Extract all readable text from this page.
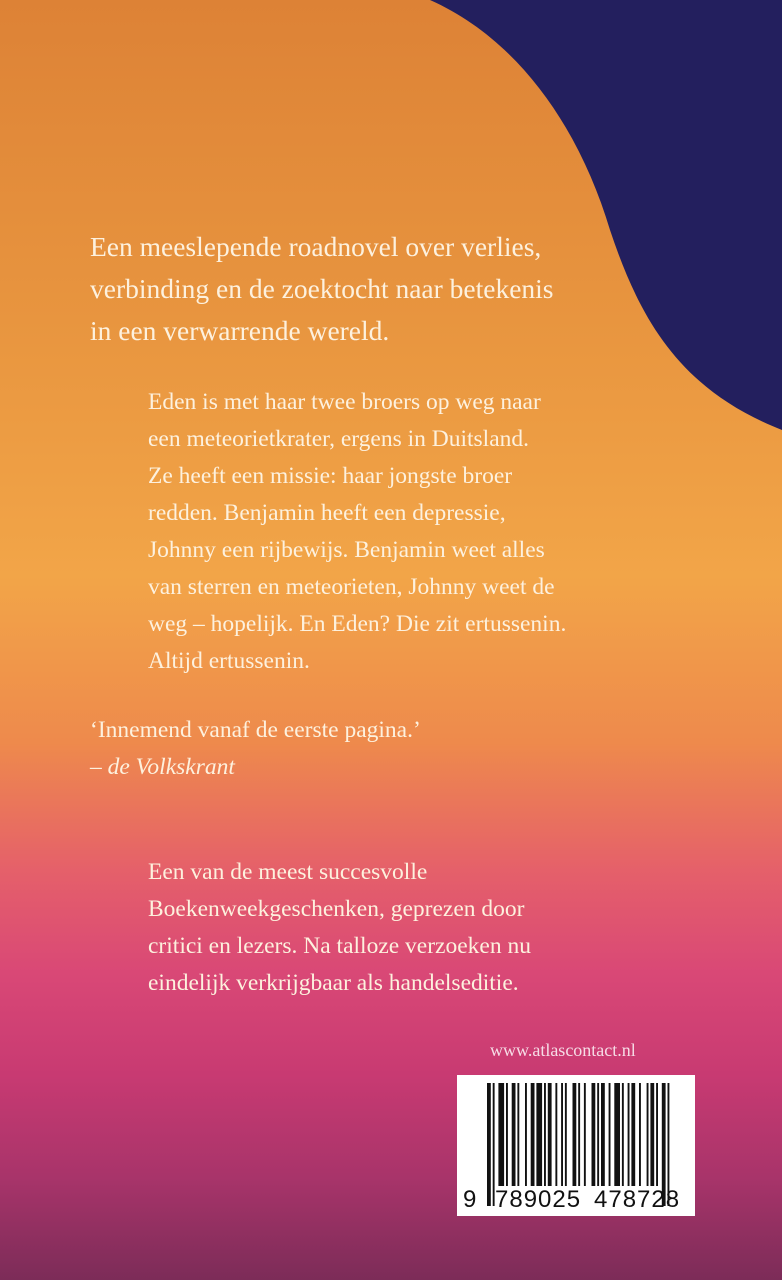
Een meeslepende roadnovel over verlies,
verbinding en de zoektocht naar betekenis
in een verwarrende wereld.

Eden is met haar twee broers op weg naar
een meteorietkrater, ergens in Duitsland.
Ze heeft een missie: haar jongste broer
redden. Benjamin heeft een depressie,
Johnny een rijbewijs. Benjamin weet alles
van sterren en meteorieten, Johnny weet de
weg – hopelijk. En Eden? Die zit ertussenin.
Altijd ertussenin.

‘Innemend vanaf de eerste pagina.’
– de Volkskrant

Een van de meest succesvolle
Boekenweekgeschenken, geprezen door
critici en lezers. Na talloze verzoeken nu
eindelijk verkrijgbaar als handelseditie.

www.atlascontact.nl
9 789025 478728
